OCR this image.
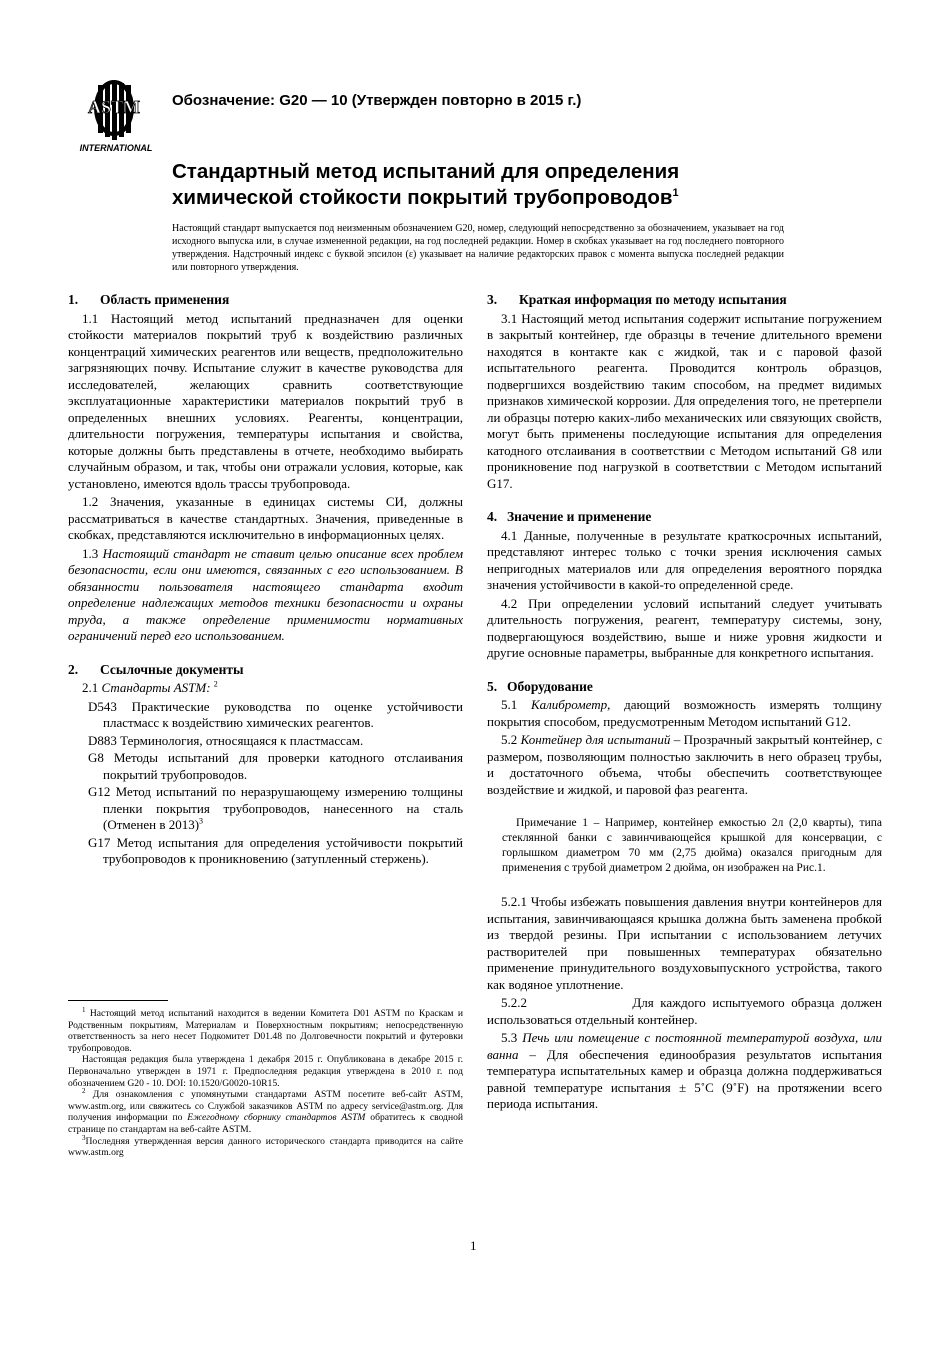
ASTM
INTERNATIONAL
Обозначение: G20 — 10 (Утвержден повторно в 2015 г.)
Стандартный метод испытаний для определения
химической стойкости покрытий трубопроводов$^1$
Настоящий стандарт выпускается под неизменным обозначением G20, номер, следующий непосредственно за обозначением, указывает на год исходного выпуска или, в случае измененной редакции, на год последней редакции. Номер в скобках указывает на год последнего повторного утверждения. Надстрочный индекс с буквой эпсилон (ε) указывает на наличие редакторских правок с момента выпуска последней редакции или повторного утверждения.
1. Область применения
1.1 Настоящий метод испытаний предназначен для оценки стойкости материалов покрытий труб к воздействию различных концентраций химических реагентов или веществ, предположительно загрязняющих почву. Испытание служит в качестве руководства для исследователей, желающих сравнить соответствующие эксплуатационные характеристики материалов покрытий труб в определенных внешних условиях. Реагенты, концентрации, длительности погружения, температуры испытания и свойства, которые должны быть представлены в отчете, необходимо выбирать случайным образом, и так, чтобы они отражали условия, которые, как установлено, имеются вдоль трассы трубопровода.
1.2 Значения, указанные в единицах системы СИ, должны рассматриваться в качестве стандартных. Значения, приведенные в скобках, представляются исключительно в информационных целях.
1.3 Настоящий стандарт не ставит целью описание всех проблем безопасности, если они имеются, связанных с его использованием. В обязанности пользователя настоящего стандарта входит определение надлежащих методов техники безопасности и охраны труда, а также определение применимости нормативных ограничений перед его использованием.
2. Ссылочные документы
2.1 Стандарты ASTM: $^2$
D543 Практические руководства по оценке устойчивости пластмасс к воздействию химических реагентов.
D883 Терминология, относящаяся к пластмассам.
G8 Методы испытаний для проверки катодного отслаивания покрытий трубопроводов.
G12 Метод испытаний по неразрушающему измерению толщины пленки покрытия трубопроводов, нанесенного на сталь (Отменен в 2013)$^3$
G17 Метод испытания для определения устойчивости покрытий трубопроводов к проникновению (затупленный стержень).

$^1$ Настоящий метод испытаний находится в ведении Комитета D01 ASTM по Краскам и Родственным покрытиям, Материалам и Поверхностным покрытиям; непосредственную ответственность за него несет Подкомитет D01.48 по Долговечности покрытий и футеровки трубопроводов.

Настоящая редакция была утверждена 1 декабря 2015 г. Опубликована в декабре 2015 г. Первоначально утвержден в 1971 г. Предпоследняя редакция утверждена в 2010 г. под обозначением G20 - 10. DOI: 10.1520/G0020-10R15.

$^2$ Для ознакомления с упомянутыми стандартами ASTM посетите веб-сайт ASTM, www.astm.org, или свяжитесь со Службой заказчиков ASTM по адресу service@astm.org. Для получения информации по Ежегодному сборнику стандартов ASTM обратитесь к сводной странице по стандартам на веб-сайте ASTM.

$^3$Последняя утвержденная версия данного исторического стандарта приводится на сайте www.astm.org

3. Краткая информация по методу испытания
3.1 Настоящий метод испытания содержит испытание погружением в закрытый контейнер, где образцы в течение длительного времени находятся в контакте как с жидкой, так и с паровой фазой испытательного реагента. Проводится контроль образцов, подвергшихся воздействию таким способом, на предмет видимых признаков химической коррозии. Для определения того, не претерпели ли образцы потерю каких-либо механических или связующих свойств, могут быть применены последующие испытания для определения катодного отслаивания в соответствии с Методом испытаний G8 или проникновение под нагрузкой в соответствии с Методом испытаний G17.
4. Значение и применение
4.1 Данные, полученные в результате краткосрочных испытаний, представляют интерес только с точки зрения исключения самых непригодных материалов или для определения вероятного порядка значения устойчивости в какой-то определенной среде.
4.2 При определении условий испытаний следует учитывать длительность погружения, реагент, температуру системы, зону, подвергающуюся воздействию, выше и ниже уровня жидкости и другие основные параметры, выбранные для конкретного испытания.
5. Оборудование
5.1 Калиброметр, дающий возможность измерять толщину покрытия способом, предусмотренным Методом испытаний G12.
5.2 Контейнер для испытаний – Прозрачный закрытый контейнер, с размером, позволяющим полностью заключить в него образец трубы, и достаточного объема, чтобы обеспечить соответствующее воздействие и жидкой, и паровой фаз реагента.
Примечание 1 – Например, контейнер емкостью 2л (2,0 кварты), типа стеклянной банки с завинчивающейся крышкой для консервации, с горлышком диаметром 70 мм (2,75 дюйма) оказался пригодным для применения с трубой диаметром 2 дюйма, он изображен на Рис.1.
5.2.1 Чтобы избежать повышения давления внутри контейнеров для испытания, завинчивающаяся крышка должна быть заменена пробкой из твердой резины. При испытании с использованием летучих растворителей при повышенных температурах обязательно применение принудительного воздуховыпускного устройства, такого как водяное уплотнение.
5.2.2	Для каждого испытуемого образца должен использоваться отдельный контейнер.
5.3 Печь или помещение с постоянной температурой воздуха, или ванна – Для обеспечения единообразия результатов испытания температура испытательных камер и образца должна поддерживаться равной температуре испытания ± 5˚C (9˚F) на протяжении всего периода испытания.
1
